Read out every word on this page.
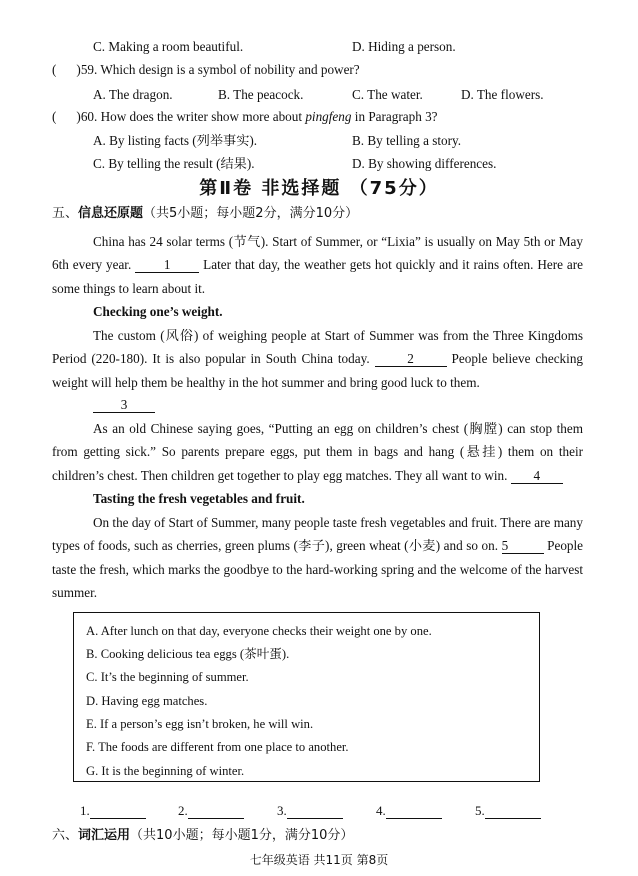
C. Making a room beautiful.	D. Hiding a person.
( )59. Which design is a symbol of nobility and power?
A. The dragon.	B. The peacock.	C. The water.	D. The flowers.
( )60. How does the writer show more about pingfeng in Paragraph 3?
A. By listing facts (列举事实).	B. By telling a story.
C. By telling the result (结果).	D. By showing differences.
第Ⅱ卷 非选择题 （75分）
五、信息还原题（共5小题；每小题2分，满分10分）
China has 24 solar terms (节气). Start of Summer, or “Lixia” is usually on May 5th or May 6th every year. 1 Later that day, the weather gets hot quickly and it rains often. Here are some things to learn about it.
Checking one’s weight.
The custom (风俗) of weighing people at Start of Summer was from the Three Kingdoms Period (220-180). It is also popular in South China today.	2	People believe checking weight will help them be healthy in the hot summer and bring good luck to them.
3
As an old Chinese saying goes, “Putting an egg on children’s chest (胸膛) can stop them from getting sick.” So parents prepare eggs, put them in bags and hang (悬挂) them on their children’s chest. Then children get together to play egg matches. They all want to win. 4
Tasting the fresh vegetables and fruit.
On the day of Start of Summer, many people taste fresh vegetables and fruit. There are many types of foods, such as cherries, green plums (李子), green wheat (小麦) and so on. 5	People taste the fresh, which marks the goodbye to the hard-working spring and the welcome of the harvest summer.
A. After lunch on that day, everyone checks their weight one by one.
B. Cooking delicious tea eggs (茶叶蛋).
C. It’s the beginning of summer.
D. Having egg matches.
E. If a person’s egg isn’t broken, he will win.
F. The foods are different from one place to another.
G. It is the beginning of winter.
1.	2.	3.	4.	5.
六、词汇运用（共10小题；每小题1分，满分10分）
七年级英语 共11页 第8页
